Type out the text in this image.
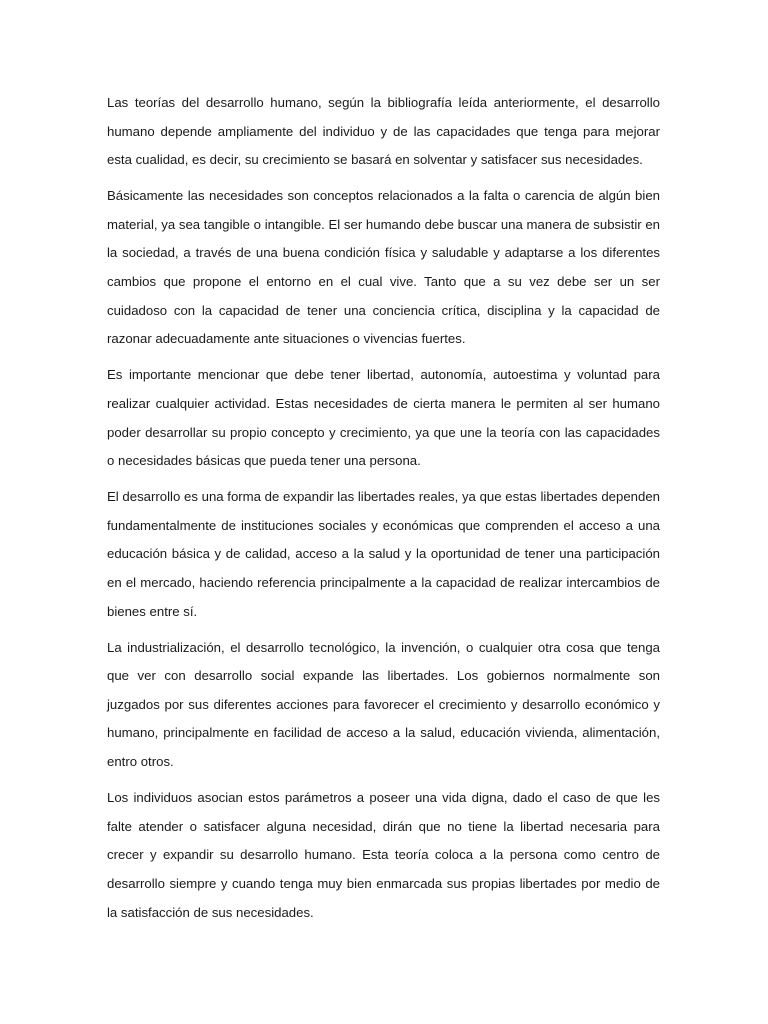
Las teorías del desarrollo humano, según la bibliografía leída anteriormente, el desarrollo humano depende ampliamente del individuo y de las capacidades que tenga para mejorar esta cualidad, es decir, su crecimiento se basará en solventar y satisfacer sus necesidades.

Básicamente las necesidades son conceptos relacionados a la falta o carencia de algún bien material, ya sea tangible o intangible. El ser humando debe buscar una manera de subsistir en la sociedad, a través de una buena condición física y saludable y adaptarse a los diferentes cambios que propone el entorno en el cual vive. Tanto que a su vez debe ser un ser cuidadoso con la capacidad de tener una conciencia crítica, disciplina y la capacidad de razonar adecuadamente ante situaciones o vivencias fuertes.

Es importante mencionar que debe tener libertad, autonomía, autoestima y voluntad para realizar cualquier actividad. Estas necesidades de cierta manera le permiten al ser humano poder desarrollar su propio concepto y crecimiento, ya que une la teoría con las capacidades o necesidades básicas que pueda tener una persona.

El desarrollo es una forma de expandir las libertades reales, ya que estas libertades dependen fundamentalmente de instituciones sociales y económicas que comprenden el acceso a una educación básica y de calidad, acceso a la salud y la oportunidad de tener una participación en el mercado, haciendo referencia principalmente a la capacidad de realizar intercambios de bienes entre sí.

La industrialización, el desarrollo tecnológico, la invención, o cualquier otra cosa que tenga que ver con desarrollo social expande las libertades. Los gobiernos normalmente son juzgados por sus diferentes acciones para favorecer el crecimiento y desarrollo económico y humano, principalmente en facilidad de acceso a la salud, educación vivienda, alimentación, entro otros.

Los individuos asocian estos parámetros a poseer una vida digna, dado el caso de que les falte atender o satisfacer alguna necesidad, dirán que no tiene la libertad necesaria para crecer y expandir su desarrollo humano. Esta teoría coloca a la persona como centro de desarrollo siempre y cuando tenga muy bien enmarcada sus propias libertades por medio de la satisfacción de sus necesidades.
